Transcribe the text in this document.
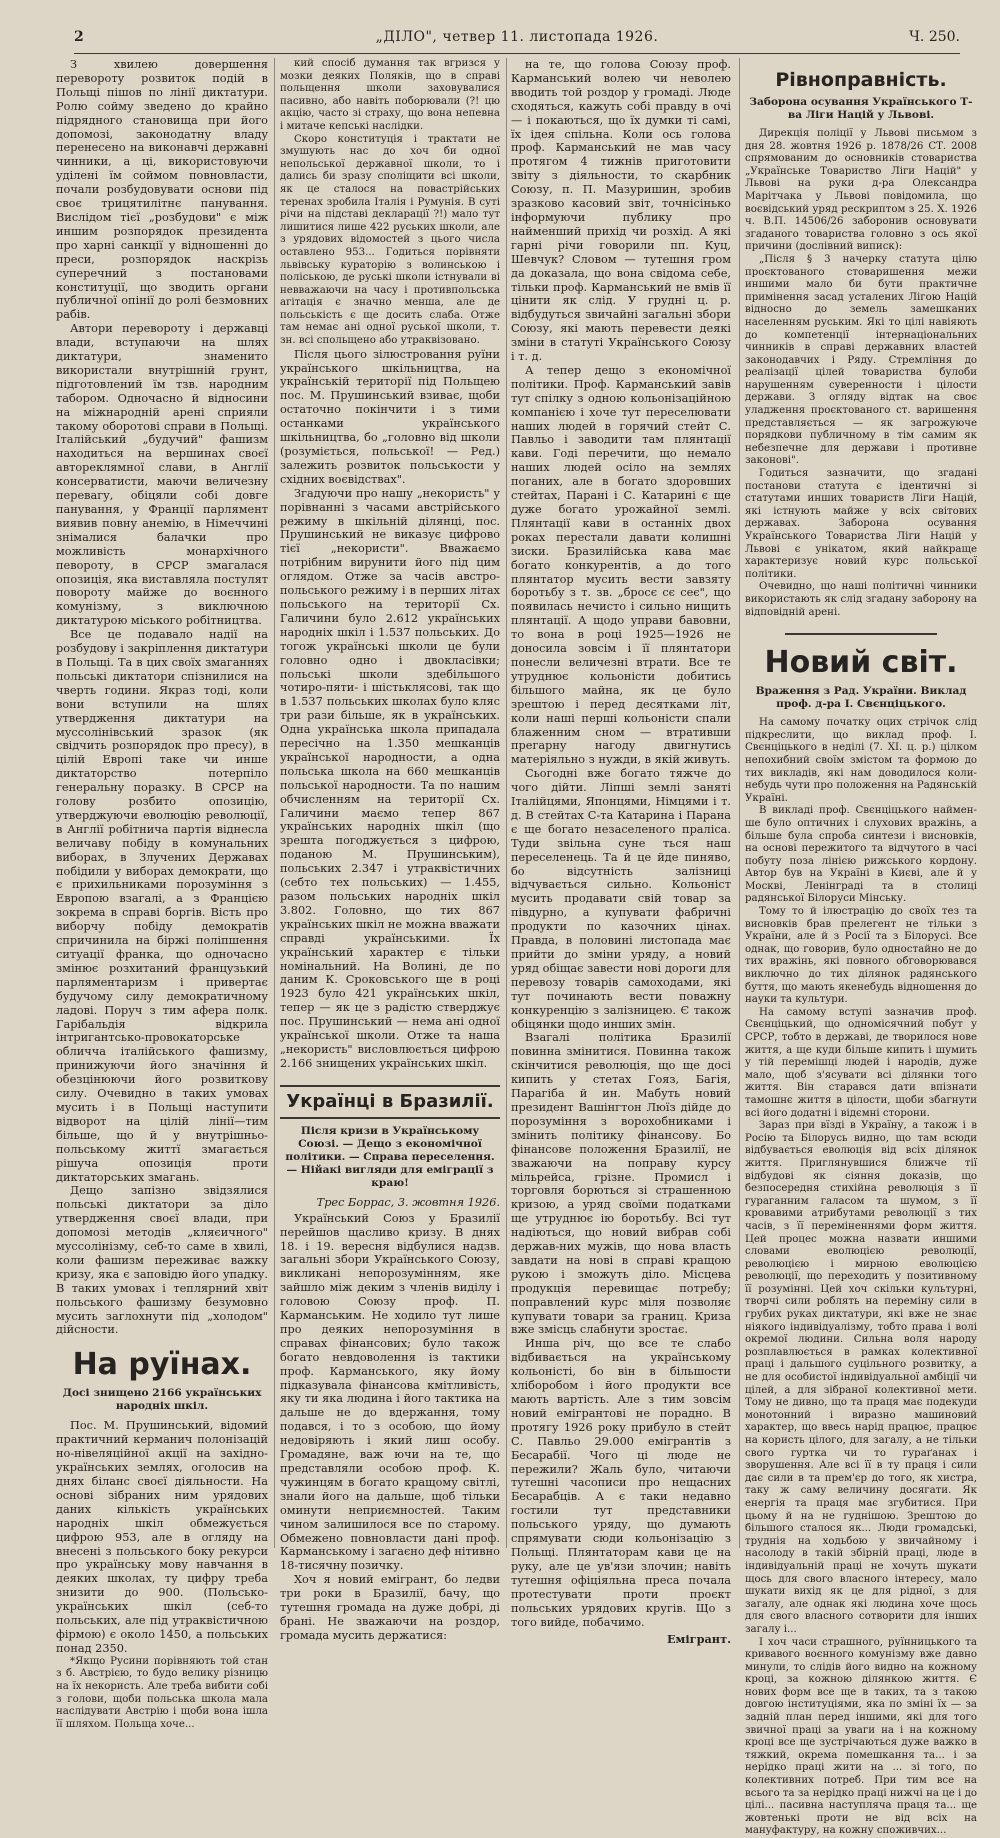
2	„ДІЛО", четвер 11. листопада 1926.	Ч. 250.

З хвилею довершення перевороту розвиток подій в Польщі пішов по лінії диктатури. Ролю сойму зведено до крайно підрядного становища при його допомозі, законодатну владу перенесено на виконавчі державні чинники, а ці, використовуючи уділені їм соймом повновласти, почали розбудовувати основи під своє трицятилітнє панування. Вислідом тієї „розбудови" є між иншим розпорядок президента про харні санкції у відношенні до преси, розпорядок наскрізь суперечний з постановами конституції, що зводить органи публичної опінії до ролі безмовних рабів.

Автори перевороту і державці влади, вступаючи на шлях диктатури, знаменито використали внутрішній грунт, підготовлений їм тзв. народним табором. Одночасно й відносини на міжнародній арені сприяли такому оборотові справи в Польщі. Італійський „будучий" фашизм находиться на вершинах своєї автореклямної слави, в Англії консерватисти, маючи величезну перевагу, обіцяли собі довге панування, у Франції парлямент виявив повну анемію, в Німеччині знімалися балачки про можливість монархічного певороту, в СРСР змагалася опозиція, яка виставляла постулят повороту майже до воєнного комунізму, з виключною диктатурою міського робітництва.

Все це подавало надії на розбудову і закріплення диктатури в Польщі. Та в цих своїх змаганнях польські диктатори спізнилися на чверть години. Якраз тоді, коли вони вступили на шлях утвердження диктатури на муссолінівський зразок (як свідчить розпорядок про пресу), в цілій Европі таке чи инше диктаторство потерпіло генеральну поразку. В СРСР на голову розбито опозицію, утверджуючи еволюцію революції, в Англії робітнича партія віднесла величаву побіду в комунальних виборах, в Злучених Державах побідили у виборах демократи, що є прихильниками порозуміння з Европою взагалі, а з Францією зокрема в справі боргів. Вість про виборчу побіду демократів спричинила на біржі поліпшення ситуації франка, що одночасно змінює розхитаний французький парлямeнтаризм і привертає будучому силу демократичному ладові. Поруч з тим афера полк. Гарібальдія відкрила інтригантсько-провокаторське обличча італійського фашизму, принижуючи його значіння й обезцінюючи його розвиткову силу. Очевидно в таких умовах мусить і в Польщі наступити відворот на цілій лінії—тим більше, що й у внутрішньо-польському життї змагається рішуча опозиція проти диктаторських змагань.

Дещо запізно звідзялися польські диктатори за діло утвердження своєї влади, при допомозі методів „кляєичного" муссолінізму, себ-то саме в хвилі, коли фашизм переживає важку кризу, яка є заповідю його упадку. В таких умовах і теплярний хвіт польського фашизму безумовно мусить заглохнути під „холодом" дійсности.

На руїнах.
Досі знищено 2166 українських народніх шкіл.

Пос. М. Прушинський, відомий практичний керманич полонізацій но-нівеляційної акції на західно-українських землях, оголосив на днях біланс своєї діяльности. На основі зібраних ним урядових даних кількість українських народніх шкіл обмежується цифрою 953, але в огляду на внесені з польського боку рекурси про українську мову навчання в деяких школах, ту цифру треба знизити до 900. (Польсько-українських шкіл (себ-то польських, але під утраквістичною фірмою) є около 1450, а польських понад 2350.

*Якщо Русини порівняють той стан з б. Австрією, то будо велику різницю на їх некористь. Але треба вибити собі з голови, щоби польська школа мала наслідувати Австрію і щоби вона ішла її шляхом. Польща хоче...

кий спосіб думання так вгризся у мозки деяких Поляків, що в справі польщення школи заховувалися пасивно, або навіть поборювали (?! цю акцію, часто зі страху, що вона непевна і митаче кепські наслідки.

Скоро конституція і трактати не змушують нас до хоч би одної непольської державної школи, то і дались би зразу споліщити всі школи, як це сталося на повастрійських теренах зробила Італія і Румунія. В суті річи на підставі декларації ?!) мало тут лишитися лише 422 руських школи, але з урядових відомостей з цього числа оставлено 953... Годиться порівняти львівську кураторію з волинською і поліською, де руські школи істнували ві невважаючи на часу і противпольська агітація є значно менша, але де польськість є ще доcить слаба. Отже там немає ані одної руської школи, т. зн. всі спольщено або утраквізовано.

Після цього зілюстровання руїни українського шкільництва, на українській території під Польщею пос. М. Прушинський взиває, щоби остаточно покінчити і з тими останками українського шкільництва, бо „головно від школи (розуміється, польської! — Ред.) залежить розвиток польськости у східних воєвідствах".

Згадуючи про нашу „некористь" у порівнанні з часами австрійського режиму в шкільній ділянці, пос. Прушинський не виказує цифрово тієї „некористи". Вважаємо потрібним вирунити його під цим оглядом. Отже за часів австро-польського режиму і в перших літах польського на території Сх. Галичини було 2.612 українських народніх шкіл і 1.537 польських. До тогож українські школи це були головно одно і двокласівки; польські школи здебільшого чотиро-пяти- і шістьклясові, так що в 1.537 польських школах було кляс три рази більше, як в українських. Одна українська школа припадала пересічно на 1.350 мешканців української народности, а одна польська школа на 660 мешканців польської народности. Та по нашим обчисленням на території Сх. Галичини маємо тепер 867 українських народніх шкіл (що зрешта погоджується з цифрою, поданою М. Прушинським), польських 2.347 і утраквістичних (себто тех польських) — 1.455, разом польських народніх шкіл 3.802. Головно, що тих 867 українських шкіл не можна вважати справді українськими. Їх український характер є тільки номінальний. На Волині, де по даним К. Сроковського ще в році 1923 було 421 українських шкіл, тепер — як це з радістю стверджує пос. Прушинський — нема ані одної української школи. Отже та наша „некористь" висловлюється цифрою 2.166 знищених українських шкіл.

Українці в Бразилії.
Після кризи в Українському Союзі. — Дещо з економічної політики. — Справа переселення. — Нійакі вигляди для еміграції з краю!
Трес Боррас, 3. жовтня 1926.

Український Союз у Бразилії перейшов щасливо кризу. В днях 18. і 19. вересня відбулися надзв. загальні збори Українського Союзу, викликані непорозумінням, яке зайшло між деким з членів виділу і головою Союзу проф. П. Карманським. Не ходило тут лише про деяких непорозуміння в справах фінансових; було також богато невдоволення із тактики проф. Карманського, яку йому підказувала фінансова кмітливість, яку ти яка людина і його тактика на дальше не до вдержання, тому подався, і то з особою, що йому недовіряють і який лиш особу. Громадяне, важ ючи на те, що представляли особою проф. К. чужинцям в богато кращому світлі, знали його на дальше, щоб тільки оминути неприємностей. Таким чином залишилося все по старому. Обмежено повновласти дані проф. Карманському і загаєно деф нітивно 18-тисячну позичку.

Хоч я новий емігрант, бо ледви три роки в Бразилії, бачу, що тутешня громада на дуже добрі, ді брані. Не зважаючи на роздор, громада мусить держатися:

на те, що голова Союзу проф. Карманський волею чи неволею вводить той роздор у громаді. Люде сходяться, кажуть собі правду в очі — і покаються, що їх думки ті самі, їх ідея спільна. Коли ось голова проф. Карманський не мав часу протягом 4 тижнів приготовити звіту з діяльности, то скарбник Союзу, п. П. Мазуришин, зробив зразково касовий звіт, точнісінько інформуючи публику про найменший прихід чи розхід. А які гарні річи говорили пп. Куц, Шевчук? Словом — тутешня гром да доказала, що вона свідома себе, тільки проф. Карманський не вмів її цінити як слід. У грудні ц. р. відбудуться звичайні загальні збори Союзу, які мають перевести деякі зміни в статуті Українського Союзу і т. д.

А тепер дещо з економічної політики. Проф. Карманський завів тут спілку з одною кольонізаційною компанією і хоче тут переселювати наших людей в горячий стейт С. Павльо і заводити там плянтації кави. Годі перечити, що немало наших людей осіло на землях поганих, але в богато здоровших стейтах, Парані і С. Катарині є ще дуже богато урожайної землі. Плянтації кави в останніх двох роках перестали давати колишні зиски. Бразилійська кава має богато конкурентів, а до того плянтатор мусить вести завзяту боротьбу з т. зв. „бросє сє сеє", що появилась нечисто і сильно нищить плянтації. А щодо управи бавовни, то вона в році 1925—1926 не доносила зовсім і її плянтатори понесли величезні втрати. Все те утруднює кольоністи добитись більшого майна, як це було зрештою і перед десятками літ, коли наші перші кольоністи спали блаженним сном — втративши прегарну нагоду двигнутись матеріяльно з нужди, в якій живуть.

Сьогодні вже богато тяжче до чого дійти. Ліпші землі заняті Італійцями, Японцями, Німцями і т. д. В стейтах С-та Катарина і Парана є ще богато незаселеного праліса. Туди звільна суне ться наш переселенець. Та й це йде пиняво, бо відсутність залізниці відчувається сильно. Кольоніст мусить продавати свій товар за півдурно, а купувати фабричні продукти по казочних цінах. Правда, в половині листопада має прийти до зміни уряду, а новий уряд обіщає завести нові дороги для перевозу товарів самоходами, які тут починають вести поважну конкуренцію з залізницею. Є також обіцянки щодо инших змін.

Взагалі політика Бразилії повинна змінитися. Повинна також скінчитися революція, що ще досі кипить у стетах Гояз, Багія, Парагіба й ин. Мабуть новий президент Вашінгтон Люїз дійде до порозуміння з ворохобниками і змінить політику фінансову. Бо фінансове положення Бразилії, не зважаючи на поправу курсу мільрейса, грізне. Промисл і торговля борються зі страшенною кризою, а уряд своїми податками ще утруднює ію боротьбу. Всі тут надіються, що новий вибрав собі держав-них мужів, що нова власть завдати на нові в справі кращою рукою і зможуть діло. Місцева продукція перевищає потребу; поправлений курс міля позволяє купувати товари за границ. Криза вже змісць слабнути зростає.

Инша річ, що все те слабо відбивається на українському кольоністі, бо він в більшости хліборобом і його продукти все мають вартість. Але з тим зовсім новий емігрантові не порадно. В протягу 1926 року прибуло в стейт С. Павльо 29.000 емігрантів з Бесарабії. Чого ці люде не пережили? Жаль було, читаючи тутешні часописи про нещасних Бесарабців. А є таки недавно гостили тут представники польського уряду, що думають спрямувати сюди кольонізацію з Польщі. Плянтаторам кави це на руку, але це ув'язи злочин; навіть тутешня офіціяльна преса почала протестувати проти проєкт польських урядових кругів. Що з того вийде, побачимо.

Емігрант.
Рівноправність.
Заборона осування Українського Т-ва Ліги Націй у Львові.

Дирекція поліції у Львові письмом з дня 28. жовтня 1926 р. 1878/26 СТ. 2008 спрямованим до основників стовариства „Українське Товариство Ліги Націй" у Львові на руки д-ра Олександра Марітчака у Львові повідомила, що воєвідський уряд рескриптом з 25. X. 1926 ч. В.П. 14506/26 заборонив основувати згаданого товариства головно з ось якої причини (дослівний виписк):

„Після § 3 начерку статута цілю проєктованого стоваришення межи иншими мало би бути практичне примінення засад усталених Лігою Націй відносно до земель замешканих населенням руським. Які то цілі навіяють до компетенції інтернаціональних чинників в справі державних властей законодавчих і Ряду. Стремління до реалізації цілей товариства булоби нарушенням суверенности і цілости держави. З огляду відтак на своє уладження проєктованого ст. варишення представляється — як загрожуюче порядкови публичному в тім самим як небезпечне для держави і противне законові".

Годиться зазначити, що згадані постанови статута є ідентичні зі статутами инших товариств Ліги Націй, які істнують майже у всіх світових державах. Заборона осування Українського Товариства Ліги Націй у Львові є унікатом, який найкраще характеризує новий курс польської політики.

Очевидно, що наші політичні чинники використають як слід згадану заборону на відповідній арені.

Новий світ.
Враження з Рад. України. Виклад проф. д-ра І. Свєнціцького.

На самому початку оцих стрічок слід підкреслити, що виклад проф. І. Свєнціцького в неділі (7. XI. ц. р.) цілком непохибний своїм змістом та формою до тих викладів, які нам доводилося коли-небудь чути про положення на Радянській Україні.

В викладі проф. Свєнціцького наймен- ше було оптичних і слухових вражінь, а більше була спроба синтези і висновків, на основі пережитого та відчутого в часі побуту поза лінією рижського кордону. Автор був на Україні в Києві, але й у Москві, Ленінграді та в столиці радянської Білоруси Мінську.

Тому то й ілюстрацію до своїх тез та висновків брав прелегент не тільки з України, але й з Росії та з Білорусі. Все однак, що говорив, було одностайно не до тих вражінь, які повного обговорювався виключно до тих ділянок радянського буття, що мають якенебудь відношення до науки та культури.

На самому вступі зазначив проф. Свєнціцький, що одномісячний побут у СРСР, тобто в державі, де творилося нове життя, а ще куди більше кипить і шумить у тій перемішці людей і народів, дуже мало, щоб з'ясувати всі ділянки того життя. Він старався дати впізнати тамошнє життя в цілости, щоби збагнути всі його додатні і відємні сторони.

Зараз при вїзді в Україну, а також і в Росію та Білорусь видно, що там всюди відбувається еволюція від всіх ділянок життя. Приглянувшися ближче тії відбудові як сіяння доказів, що безпосередня стихійна революція з її гураганним галасом та шумом, з її кровавими атрибутами революції з тих часів, з її переміненнями форм життя. Цей процес можна назвати иншими словами еволюцією революції, революцією і мирною еволюцією революції, що переходить у позитивному її розумінні. Цей хоч скільки культурні, творчі сили роблять на переміну сили в грубих руках диктатури, які вже не знає ніякого індивідуалізму, тобто права і волі окремої людини. Сильна воля народу розплавлюється в рамках колективної праці і дальшого суцільного розвитку, а не для особистої індивідуальної амбіції чи цілей, а для зібраної колективної мети. Тому не дивно, що та праця має подекуди монотонний і виразно машиновий характер, що ввесь нарід працює, працює на користь цілого, для загалу, а не тільки свого гуртка чи то гураґанах і зворушення. Але всі її в ту праця і сили дає сили в та прем'єр до того, як хистра, таку ж саму величину досягати. Як енергія та праця має згубитися. При цьому й на не гуднішою. Зрештою до більшого сталося як... Люди громадські, труднія на ходьбою у звичайному і насолоду в такій збірній праці, люде в індивідуальній праці не хочуть шукати щось для свого власного інтересу, мало шукати вихід як це для рідної, з для загалу, але однак які людина хоче щось для свого власного сотворити для інших загалу і...

І хоч часи страшного, руїнницького та кривавого воєнного комунізму вже давно минули, то слідів його видно на кожному кроці, за кожною ділянкою життя. Є нових форм все ще в таких, та з такою довгою інституціями, яка по зміні їх — за задній план перед іншими, які для того звичної праці за уваги на і на кожному кроці все ще зустрічаються дуже важко в тяжкий, окрема помешкання та... і за нерідко праці жити на ... зі того, по колективних потреб. При тим все на всього та за нерідко праці нижчі на це і до цілі... пасивна наступляча праця та... ще жовтенькі проти не від всіх на мануфактуру, на кожну споживчих...
